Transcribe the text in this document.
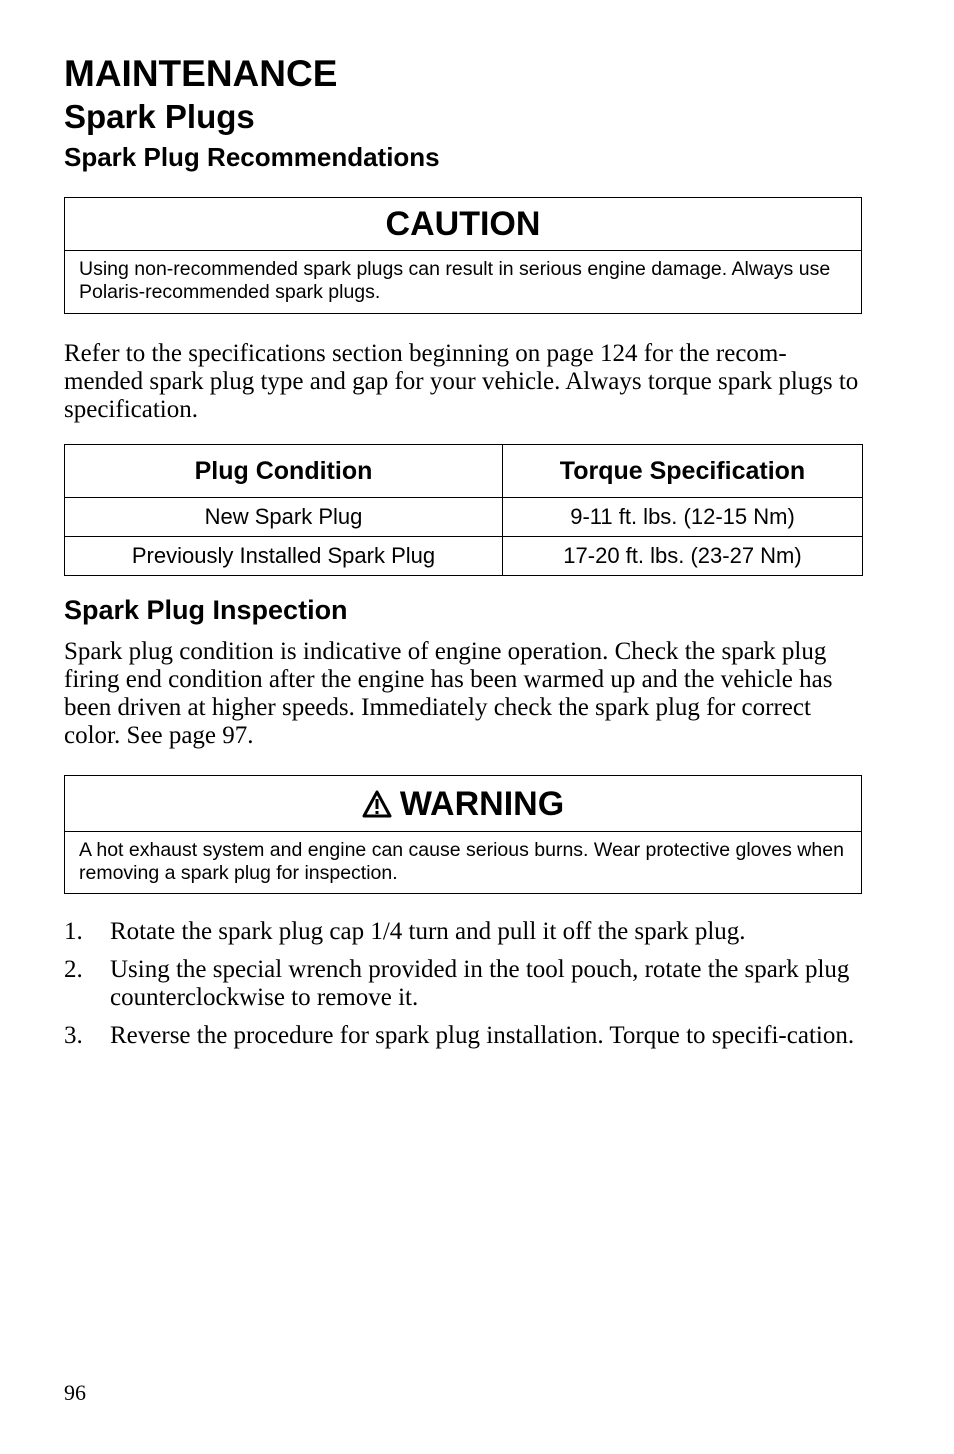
MAINTENANCE
Spark Plugs
Spark Plug Recommendations
CAUTION
Using non-recommended spark plugs can result in serious engine damage. Always use Polaris-recommended spark plugs.
Refer to the specifications section beginning on page 124 for the recom-mended spark plug type and gap for your vehicle. Always torque spark plugs to specification.
Plug Condition	Torque Specification
New Spark Plug	9-11 ft. lbs. (12-15 Nm)
Previously Installed Spark Plug	17-20 ft. lbs. (23-27 Nm)
Spark Plug Inspection
Spark plug condition is indicative of engine operation. Check the spark plug firing end condition after the engine has been warmed up and the vehicle has been driven at higher speeds. Immediately check the spark plug for correct color. See page 97.
WARNING
A hot exhaust system and engine can cause serious burns. Wear protective gloves when removing a spark plug for inspection.
1. Rotate the spark plug cap 1/4 turn and pull it off the spark plug.
2. Using the special wrench provided in the tool pouch, rotate the spark plug counterclockwise to remove it.
3. Reverse the procedure for spark plug installation. Torque to specifi-cation.
96
